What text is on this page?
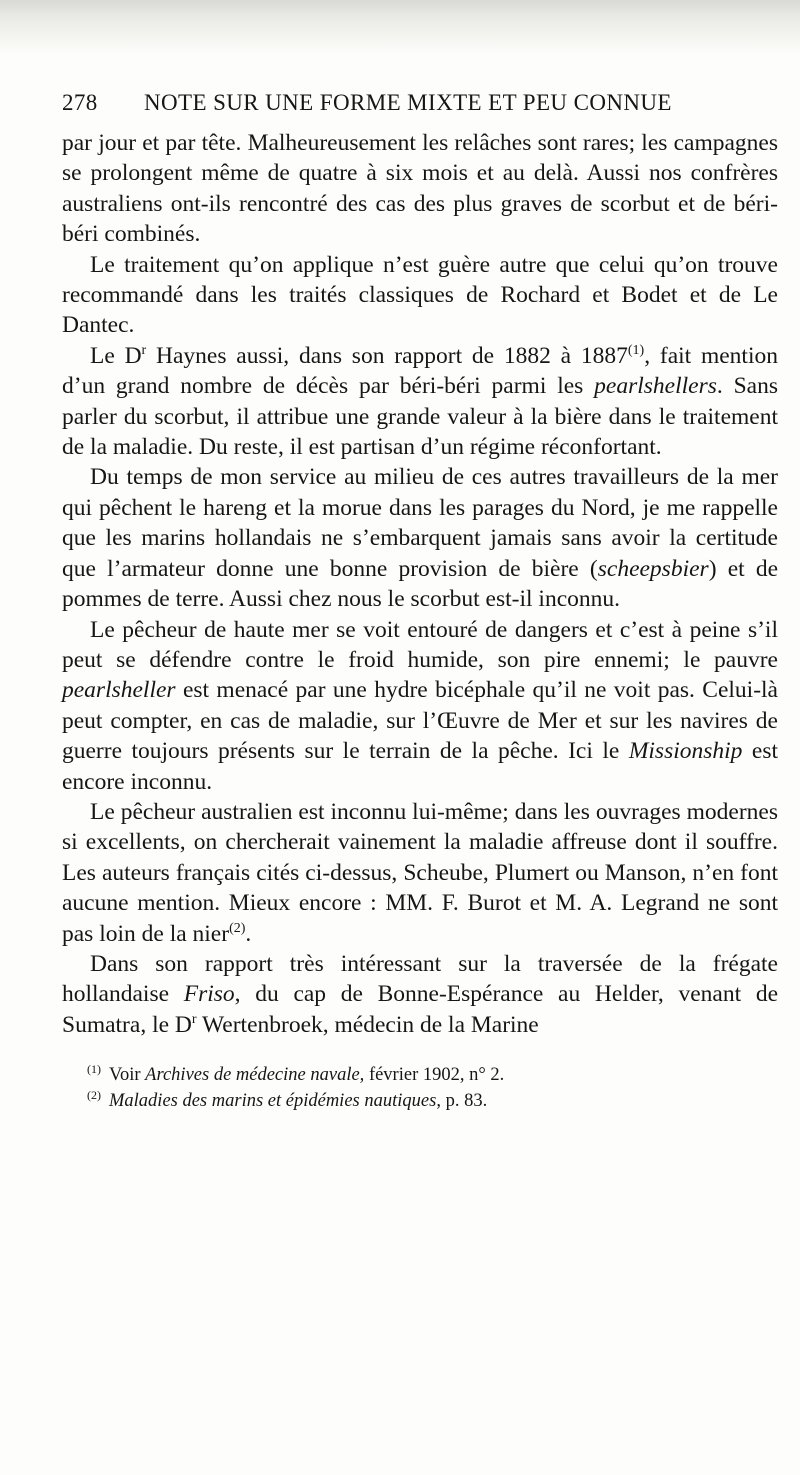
278	NOTE SUR UNE FORME MIXTE ET PEU CONNUE

par jour et par tête. Malheureusement les relâches sont rares; les campagnes se prolongent même de quatre à six mois et au delà. Aussi nos confrères australiens ont-ils rencontré des cas des plus graves de scorbut et de béri-béri combinés.

Le traitement qu’on applique n’est guère autre que celui qu’on trouve recommandé dans les traités classiques de Rochard et Bodet et de Le Dantec.

Le $D^r$ Haynes aussi, dans son rapport de 1882 à 1887$^{(1)}$, fait mention d’un grand nombre de décès par béri-béri parmi les pearlshellers. Sans parler du scorbut, il attribue une grande valeur à la bière dans le traitement de la maladie. Du reste, il est partisan d’un régime réconfortant.

Du temps de mon service au milieu de ces autres travailleurs de la mer qui pêchent le hareng et la morue dans les parages du Nord, je me rappelle que les marins hollandais ne s’embarquent jamais sans avoir la certitude que l’armateur donne une bonne provision de bière (scheepsbier) et de pommes de terre. Aussi chez nous le scorbut est-il inconnu.

Le pêcheur de haute mer se voit entouré de dangers et c’est à peine s’il peut se défendre contre le froid humide, son pire ennemi; le pauvre pearlsheller est menacé par une hydre bicéphale qu’il ne voit pas. Celui-là peut compter, en cas de maladie, sur l’Œuvre de Mer et sur les navires de guerre toujours présents sur le terrain de la pêche. Ici le Missionship est encore inconnu.

Le pêcheur australien est inconnu lui-même; dans les ouvrages modernes si excellents, on chercherait vainement la maladie affreuse dont il souffre. Les auteurs français cités ci-dessus, Scheube, Plumert ou Manson, n’en font aucune mention. Mieux encore : MM. F. Burot et M. A. Legrand ne sont pas loin de la nier$^{(2)}$.

Dans son rapport très intéressant sur la traversée de la frégate hollandaise Friso, du cap de Bonne-Espérance au Helder, venant de Sumatra, le $D^r$ Wertenbroek, médecin de la Marine

$^{(1)}$ Voir Archives de médecine navale, février 1902, n° 2.
$^{(2)}$ Maladies des marins et épidémies nautiques, p. 83.
